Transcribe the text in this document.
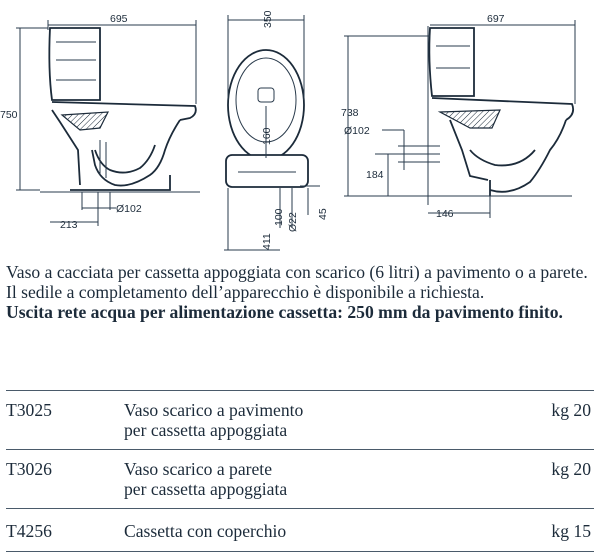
695
750
213
Ø102
350
160
411
100 Ø22 45
697
738
Ø102
184
146

Vaso a cacciata per cassetta appoggiata con scarico (6 litri) a pavimento o a parete.

Il sedile a completamento dell’apparecchio è disponibile a richiesta.

Uscita rete acqua per alimentazione cassetta: 250 mm da pavimento finito.

T3025	Vaso scarico a pavimento
per cassetta appoggiata	kg 20
T3026	Vaso scarico a parete
per cassetta appoggiata	kg 20
T4256	Cassetta con coperchio	kg 15
